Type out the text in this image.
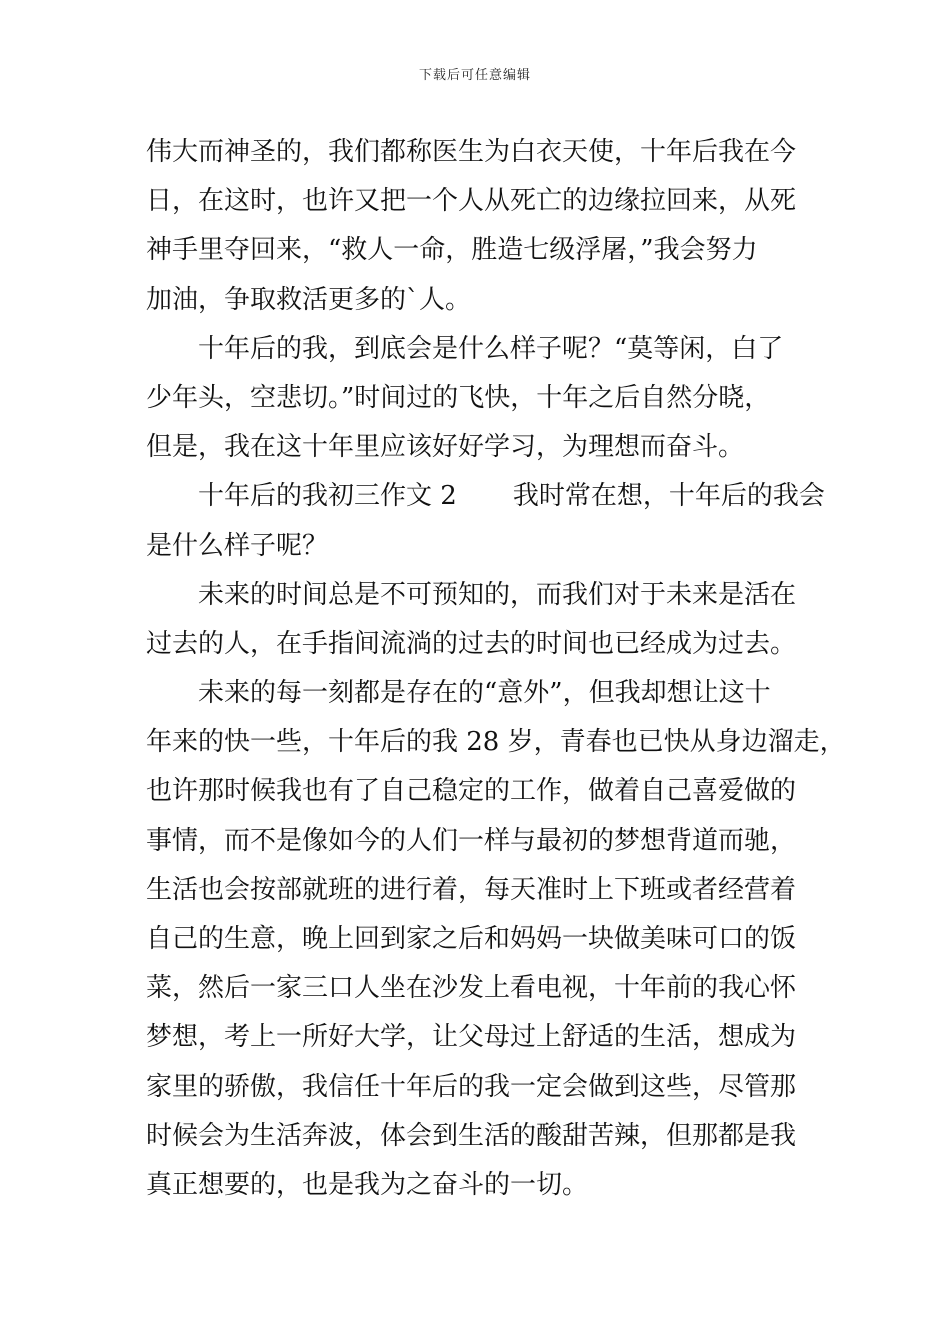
下载后可任意编辑
伟大而神圣的，我们都称医生为白衣天使，十年后我在今
日，在这时，也许又把一个人从死亡的边缘拉回来，从死
神手里夺回来，“救人一命，胜造七级浮屠，”我会努力
加油，争取救活更多的`人。
十年后的我，到底会是什么样子呢？“莫等闲，白了
少年头，空悲切。”时间过的飞快，十年之后自然分晓，
但是，我在这十年里应该好好学习，为理想而奋斗。
十年后的我初三作文 2 我时常在想，十年后的我会
是什么样子呢？
未来的时间总是不可预知的，而我们对于未来是活在
过去的人，在手指间流淌的过去的时间也已经成为过去。
未来的每一刻都是存在的“意外”，但我却想让这十
年来的快一些，十年后的我 28 岁，青春也已快从身边溜走，
也许那时候我也有了自己稳定的工作，做着自己喜爱做的
事情，而不是像如今的人们一样与最初的梦想背道而驰，
生活也会按部就班的进行着，每天准时上下班或者经营着
自己的生意，晚上回到家之后和妈妈一块做美味可口的饭
菜，然后一家三口人坐在沙发上看电视，十年前的我心怀
梦想，考上一所好大学，让父母过上舒适的生活，想成为
家里的骄傲，我信任十年后的我一定会做到这些，尽管那
时候会为生活奔波，体会到生活的酸甜苦辣，但那都是我
真正想要的，也是我为之奋斗的一切。
